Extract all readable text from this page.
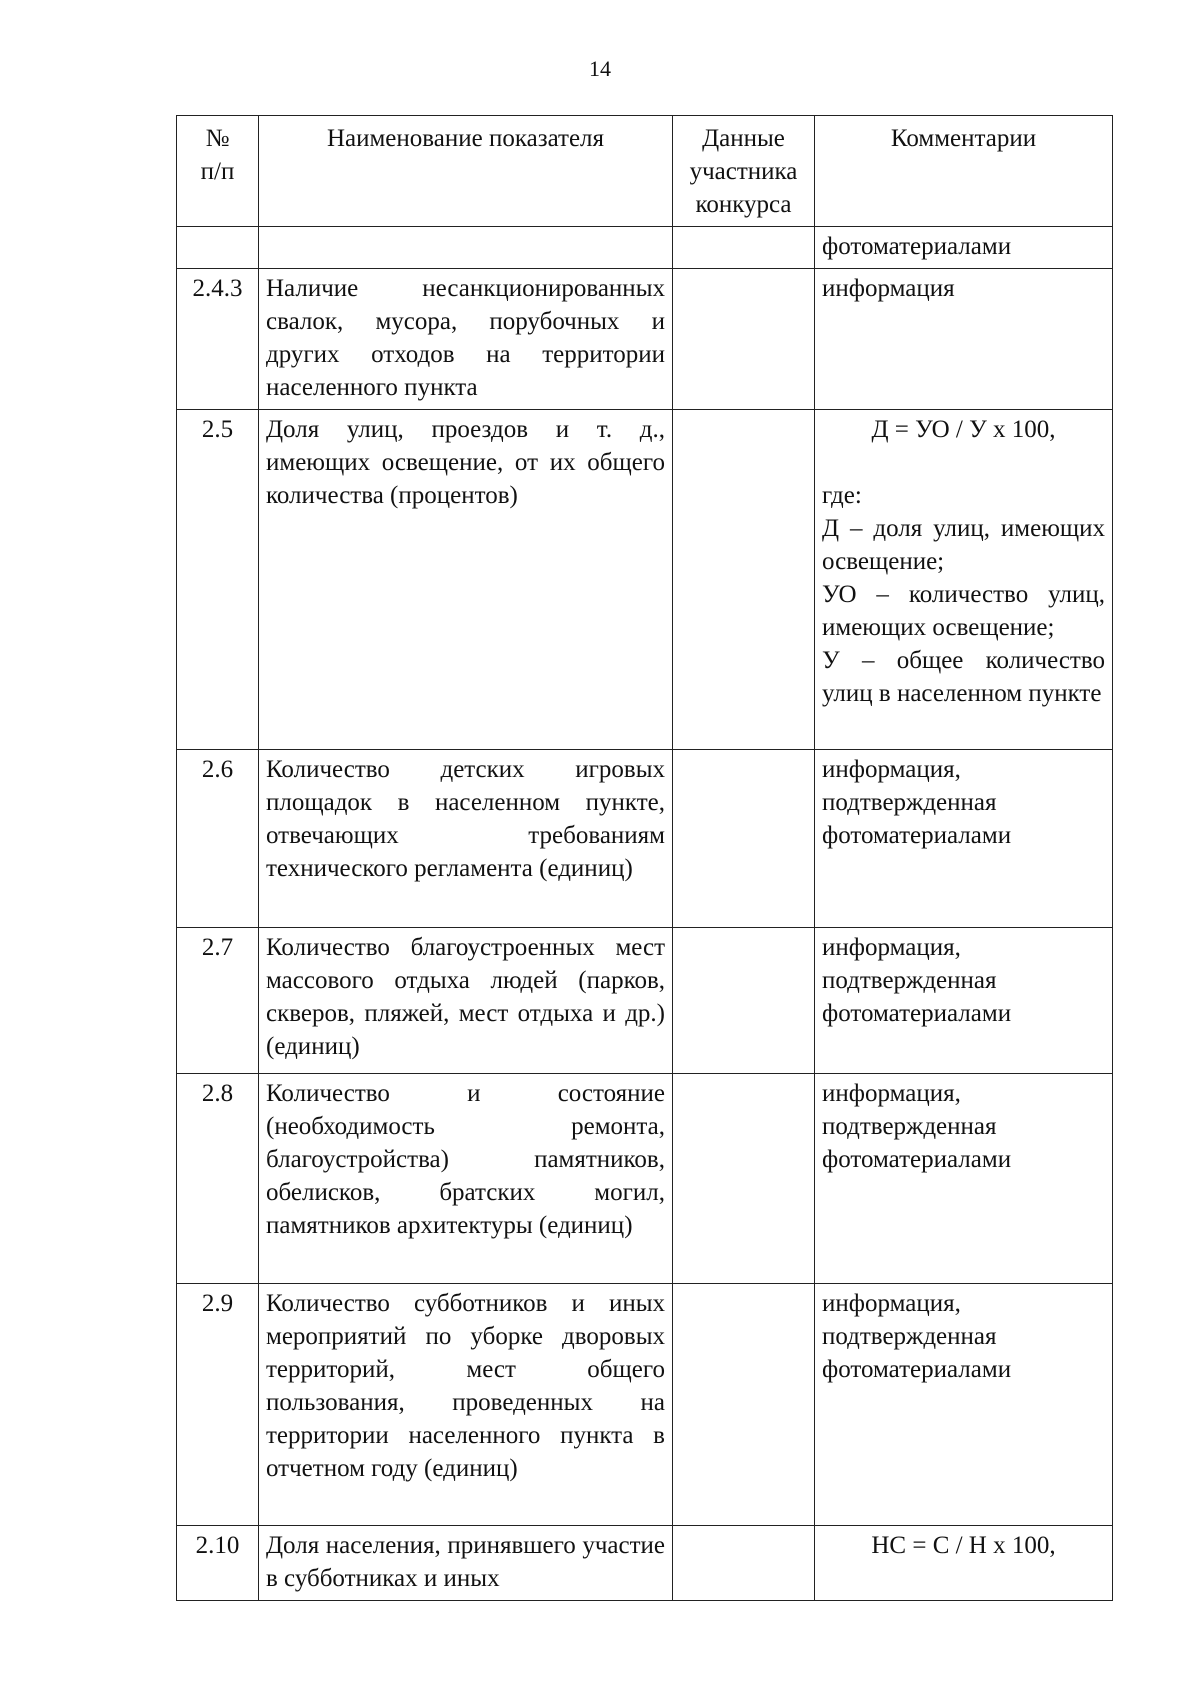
14
№
п/п	Наименование показателя	Данные участника конкурса	Комментарии
			фотоматериалами
2.4.3	Наличие несанкционированных свалок, мусора, порубочных и других отходов на территории населенного пункта		информация
2.5	Доля улиц, проездов и т. д., имеющих освещение, от их общего количества (процентов)		Д = УО / У х 100,
где:
Д – доля улиц, имеющих освещение;
УО – количество улиц, имеющих освещение;
У – общее количество улиц в населенном пункте

2.6	Количество детских игровых площадок в населенном пункте, отвечающих требованиям технического регламента (единиц)		информация, подтвержденная фотоматериалами
2.7	Количество благоустроенных мест массового отдыха людей (парков, скверов, пляжей, мест отдыха и др.) (единиц)		информация, подтвержденная фотоматериалами
2.8	Количество и состояние (необходимость ремонта, благоустройства) памятников, обелисков, братских могил, памятников архитектуры (единиц)		информация, подтвержденная фотоматериалами
2.9	Количество субботников и иных мероприятий по уборке дворовых территорий, мест общего пользования, проведенных на территории населенного пункта в отчетном году (единиц)		информация, подтвержденная фотоматериалами
2.10	Доля населения, принявшего участие в субботниках и иных		НС = С / Н х 100,
